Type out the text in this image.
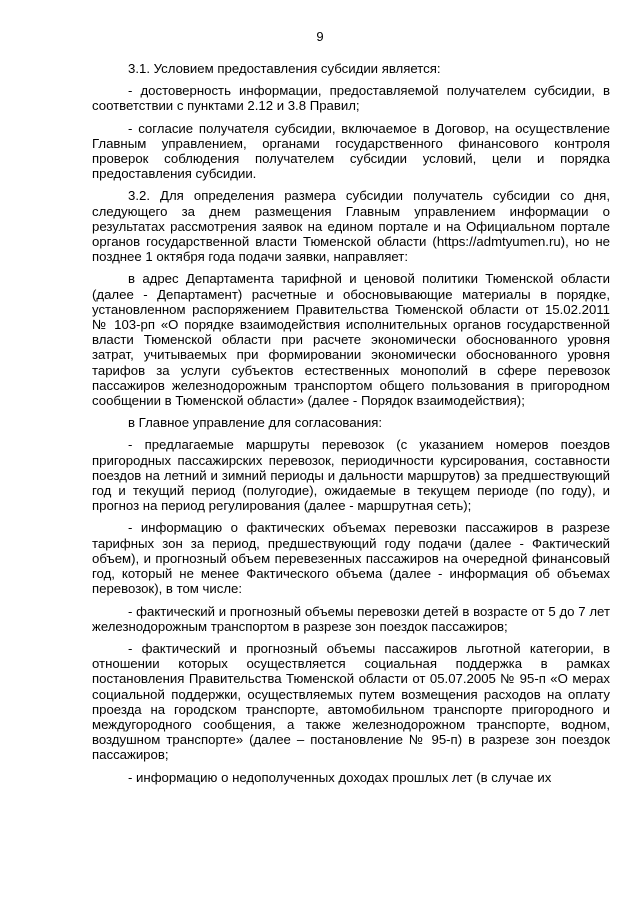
9

3.1. Условием предоставления субсидии является:

- достоверность информации, предоставляемой получателем субсидии, в соответствии с пунктами 2.12 и 3.8 Правил;

- согласие получателя субсидии, включаемое в Договор, на осуществление Главным управлением, органами государственного финансового контроля проверок соблюдения получателем субсидии условий, цели и порядка предоставления субсидии.

3.2. Для определения размера субсидии получатель субсидии со дня, следующего за днем размещения Главным управлением информации о результатах рассмотрения заявок на едином портале и на Официальном портале органов государственной власти Тюменской области (https://admtyumen.ru), но не позднее 1 октября года подачи заявки, направляет:

в адрес Департамента тарифной и ценовой политики Тюменской области (далее - Департамент) расчетные и обосновывающие материалы в порядке, установленном распоряжением Правительства Тюменской области от 15.02.2011 № 103-рп «О порядке взаимодействия исполнительных органов государственной власти Тюменской области при расчете экономически обоснованного уровня затрат, учитываемых при формировании экономически обоснованного уровня тарифов за услуги субъектов естественных монополий в сфере перевозок пассажиров железнодорожным транспортом общего пользования в пригородном сообщении в Тюменской области» (далее - Порядок взаимодействия);

в Главное управление для согласования:

- предлагаемые маршруты перевозок (с указанием номеров поездов пригородных пассажирских перевозок, периодичности курсирования, составности поездов на летний и зимний периоды и дальности маршрутов) за предшествующий год и текущий период (полугодие), ожидаемые в текущем периоде (по году), и прогноз на период регулирования (далее - маршрутная сеть);

- информацию о фактических объемах перевозки пассажиров в разрезе тарифных зон за период, предшествующий году подачи (далее - Фактический объем), и прогнозный объем перевезенных пассажиров на очередной финансовый год, который не менее Фактического объема (далее - информация об объемах перевозок), в том числе:

- фактический и прогнозный объемы перевозки детей в возрасте от 5 до 7 лет железнодорожным транспортом в разрезе зон поездок пассажиров;

- фактический и прогнозный объемы пассажиров льготной категории, в отношении которых осуществляется социальная поддержка в рамках постановления Правительства Тюменской области от 05.07.2005 № 95-п «О мерах социальной поддержки, осуществляемых путем возмещения расходов на оплату проезда на городском транспорте, автомобильном транспорте пригородного и междугородного сообщения, а также железнодорожном транспорте, водном, воздушном транспорте» (далее – постановление № 95-п) в разрезе зон поездок пассажиров;

- информацию о недополученных доходах прошлых лет (в случае их
